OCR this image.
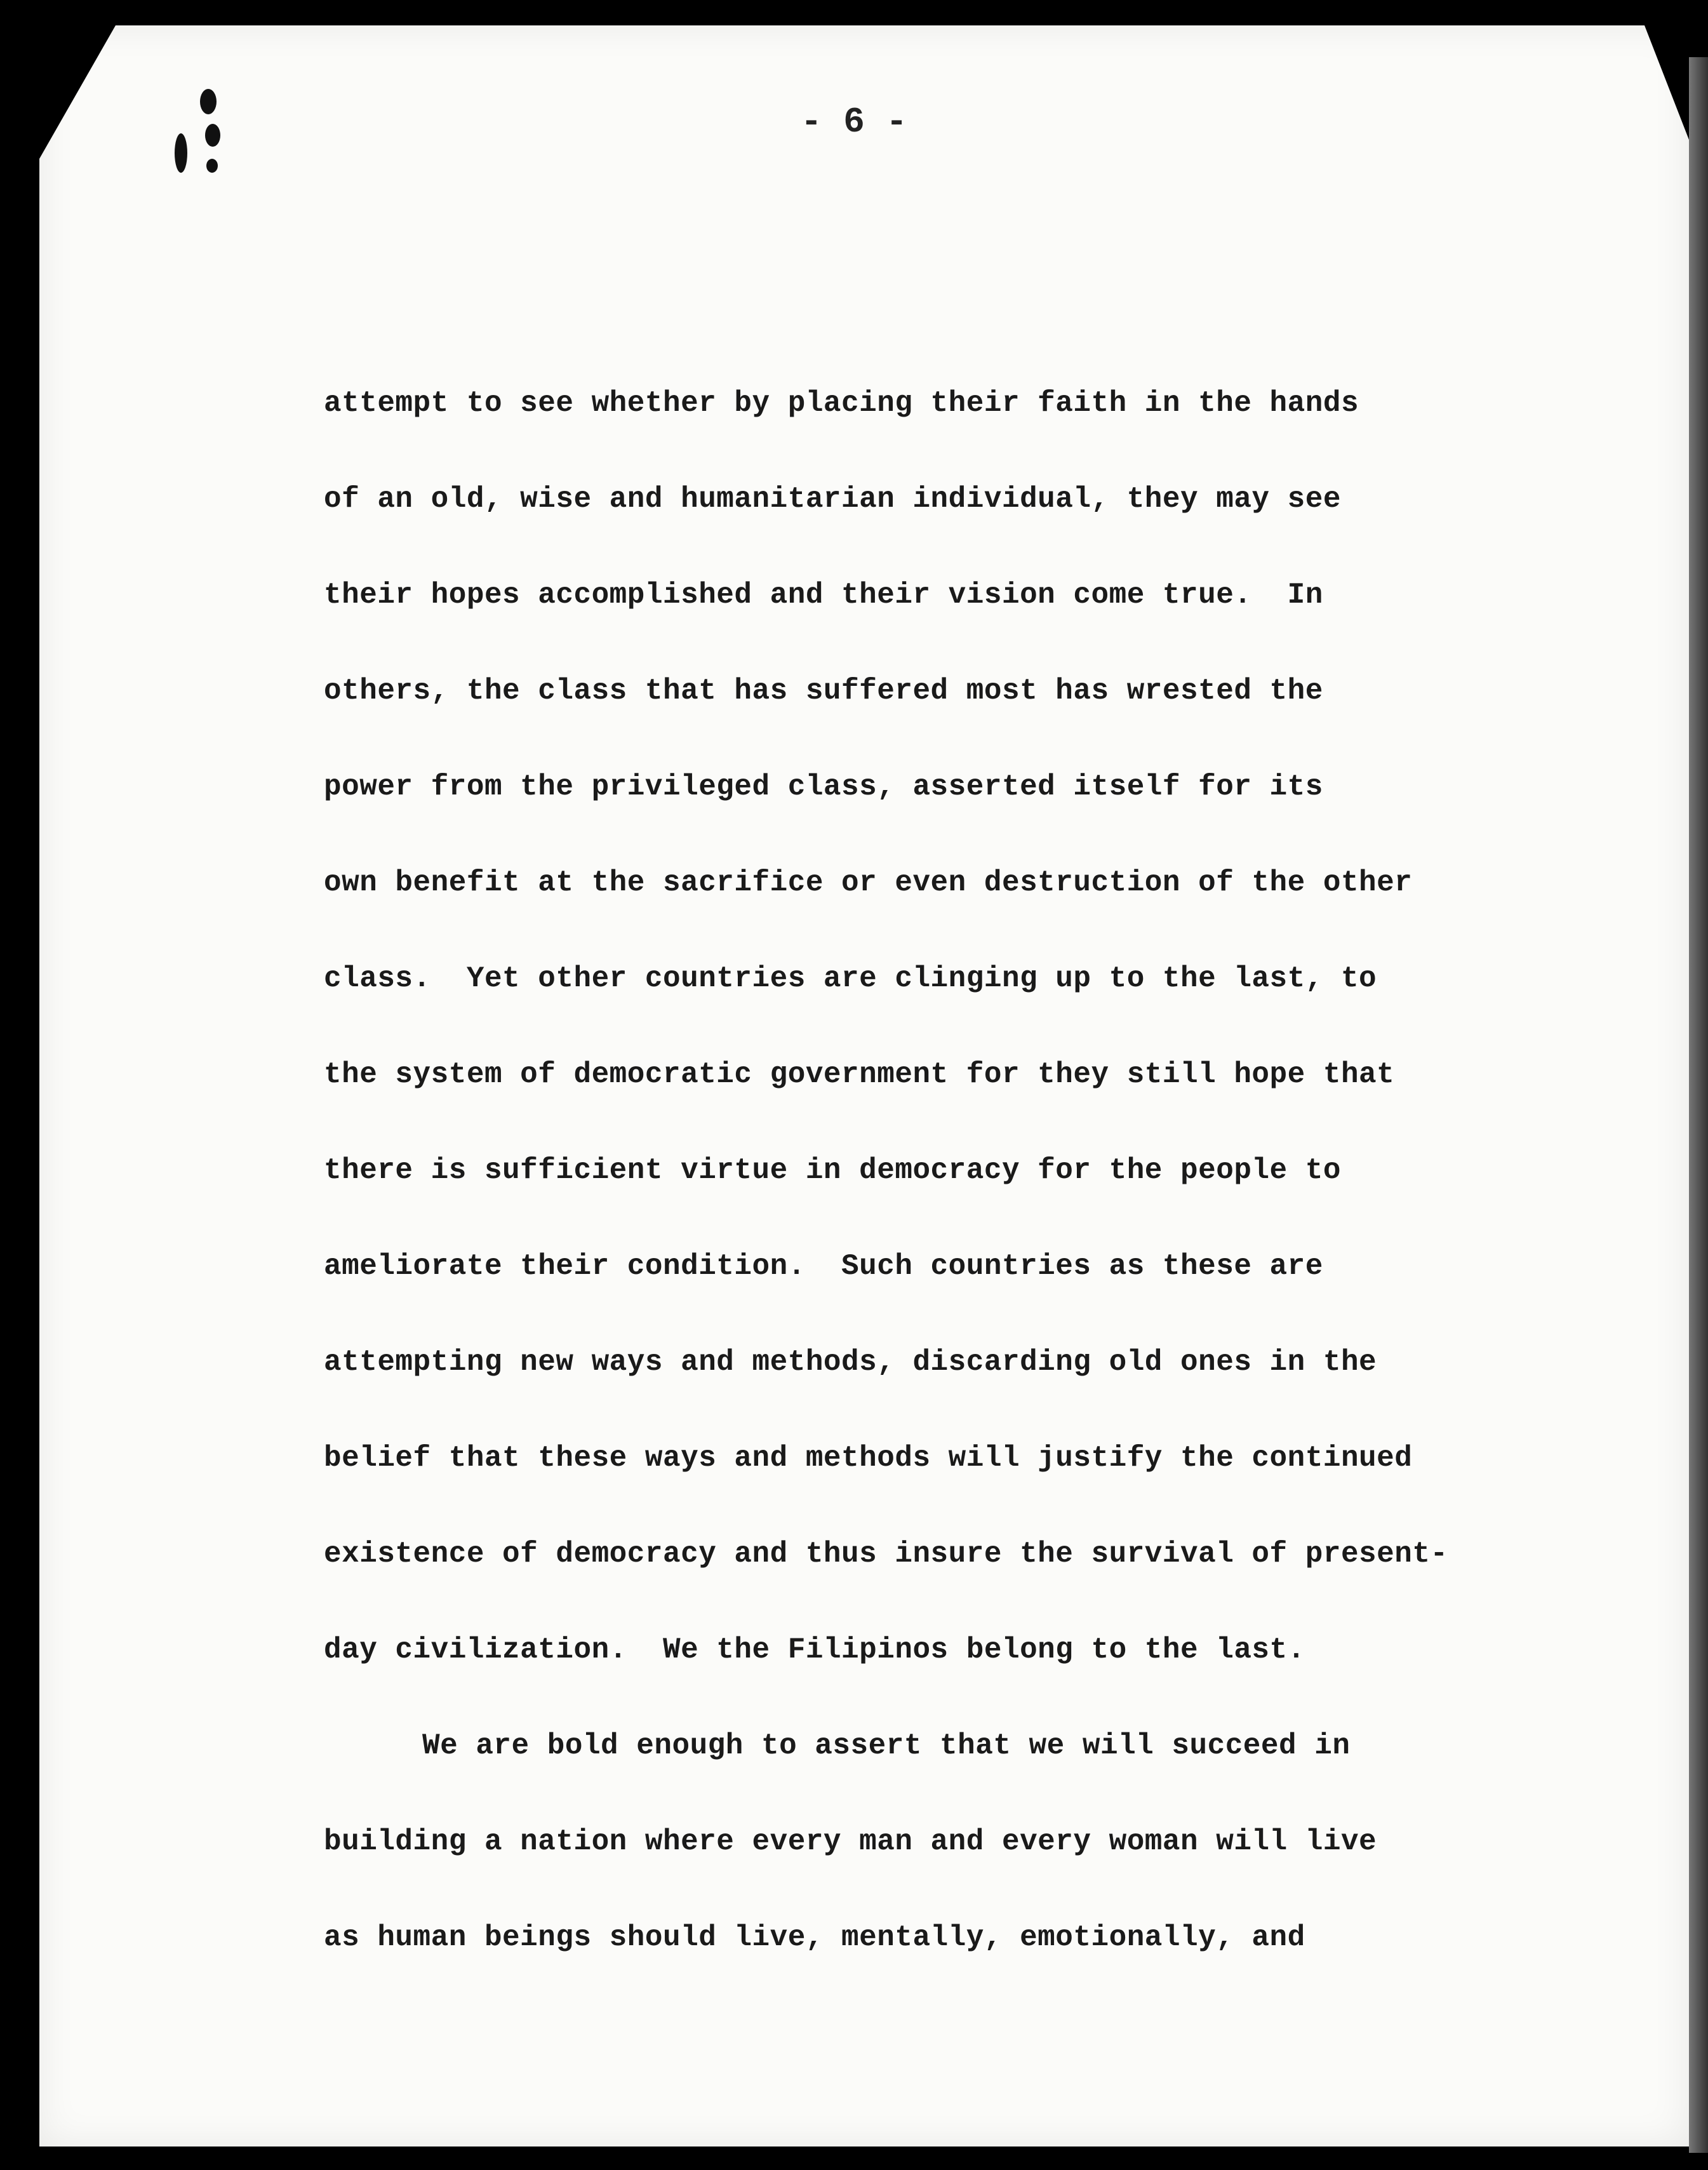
- 6 -
attempt to see whether by placing their faith in the hands
of an old, wise and humanitarian individual, they may see
their hopes accomplished and their vision come true.  In
others, the class that has suffered most has wrested the
power from the privileged class, asserted itself for its
own benefit at the sacrifice or even destruction of the other
class.  Yet other countries are clinging up to the last, to
the system of democratic government for they still hope that
there is sufficient virtue in democracy for the people to
ameliorate their condition.  Such countries as these are
attempting new ways and methods, discarding old ones in the
belief that these ways and methods will justify the continued
existence of democracy and thus insure the survival of present-
day civilization.  We the Filipinos belong to the last.
We are bold enough to assert that we will succeed in
building a nation where every man and every woman will live
as human beings should live, mentally, emotionally, and
